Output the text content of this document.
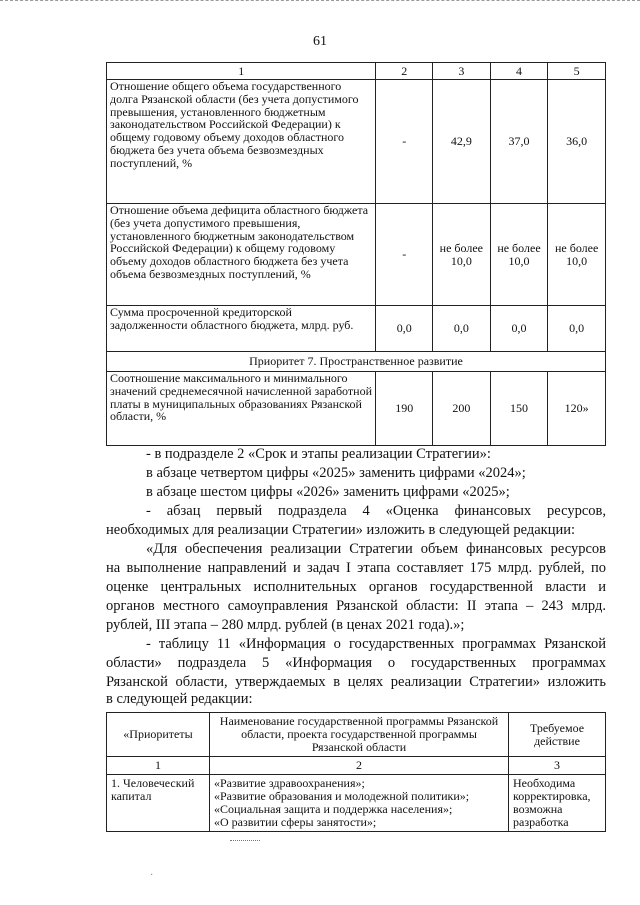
61
1	2	3	4	5
Отношение общего объема государственного долга Рязанской области (без учета допустимого превышения, установленного бюджетным законодательством Российской Федерации) к общему годовому объему доходов областного бюджета без учета объема безвозмездных поступлений, %	-	42,9	37,0	36,0
Отношение объема дефицита областного бюджета (без учета допустимого превышения, установленного бюджетным законодательством Российской Федерации) к общему годовому объему доходов областного бюджета без учета объема безвозмездных поступлений, %	-	не более 10,0	не более 10,0	не более 10,0
Сумма просроченной кредиторской задолженности областного бюджета, млрд. руб.	0,0	0,0	0,0	0,0
Приоритет 7. Пространственное развитие				
Соотношение максимального и минимального значений среднемесячной начисленной заработной платы в муниципальных образованиях Рязанской области, %	190	200	150	120»

- в подразделе 2 «Срок и этапы реализации Стратегии»:

в абзаце четвертом цифры «2025» заменить цифрами «2024»;

в абзаце шестом цифры «2026» заменить цифрами «2025»;

- абзац первый подраздела 4 «Оценка финансовых ресурсов,

необходимых для реализации Стратегии» изложить в следующей редакции:

«Для обеспечения реализации Стратегии объем финансовых ресурсов

на выполнение направлений и задач I этапа составляет 175 млрд. рублей, по

оценке центральных исполнительных органов государственной власти и

органов местного самоуправления Рязанской области: II этапа – 243 млрд.

рублей, III этапа – 280 млрд. рублей (в ценах 2021 года).»;

- таблицу 11 «Информация о государственных программах Рязанской

области» подраздела 5 «Информация о государственных программах

Рязанской области, утверждаемых в целях реализации Стратегии» изложить

в следующей редакции:

«Приоритеты	Наименование государственной программы Рязанской области, проекта государственной программы Рязанской области	Требуемое действие
1	2	3
1. Человеческий капитал	«Развитие здравоохранения»;
«Развитие образования и молодежной политики»;
«Социальная защита и поддержка населения»;
«О развитии сферы занятости»;	Необходима корректировка, возможна разработка
·
